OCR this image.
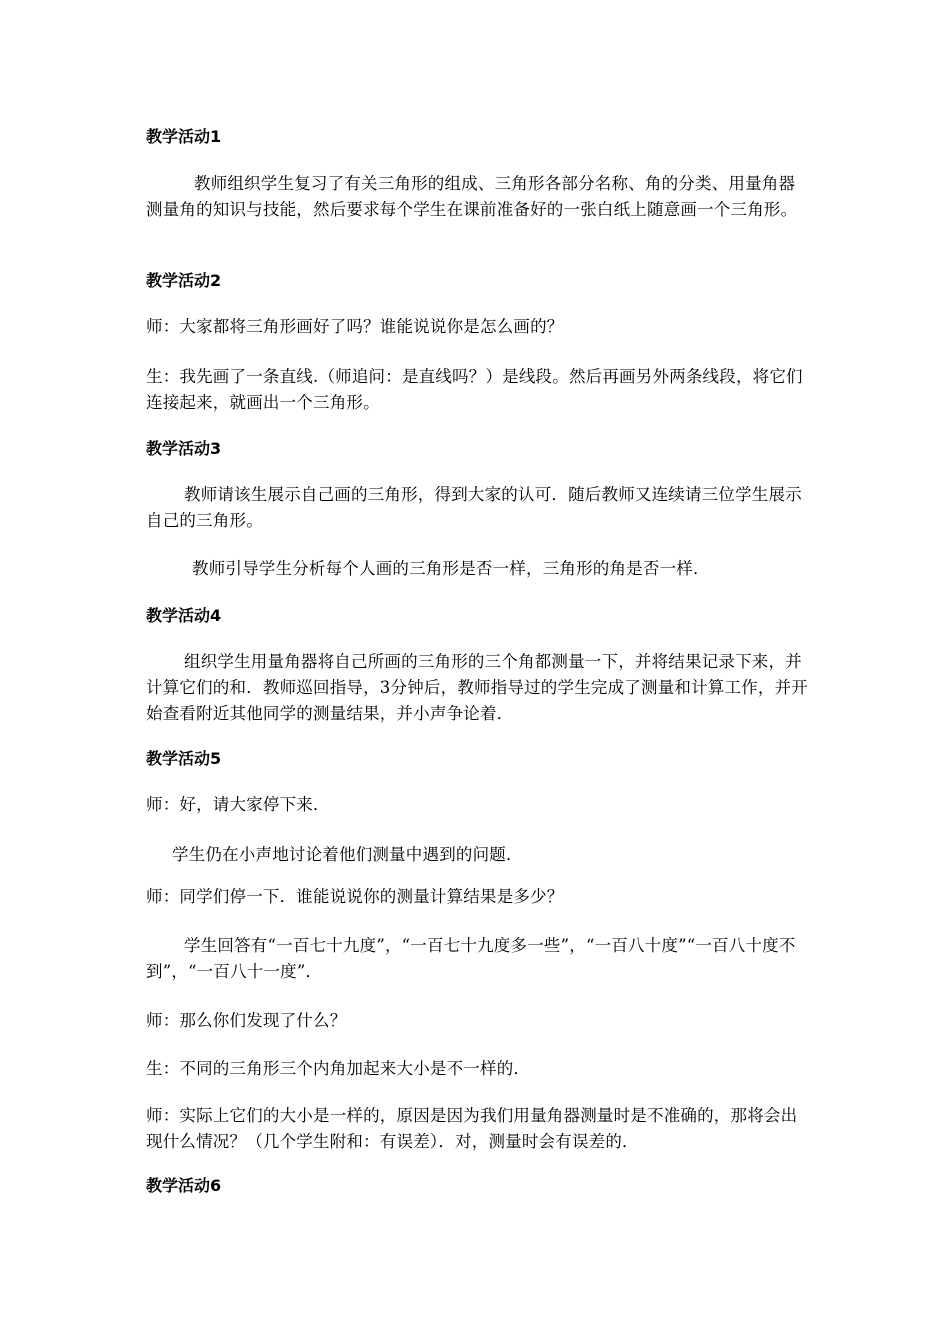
教学活动1

教师组织学生复习了有关三角形的组成、三角形各部分名称、角的分类、用量角器测量角的知识与技能，然后要求每个学生在课前准备好的一张白纸上随意画一个三角形。

教学活动2

师：大家都将三角形画好了吗？谁能说说你是怎么画的？

生：我先画了一条直线.（师追问：是直线吗？）是线段。然后再画另外两条线段，将它们连接起来，就画出一个三角形。

教学活动3

教师请该生展示自己画的三角形，得到大家的认可．随后教师又连续请三位学生展示自己的三角形。

教师引导学生分析每个人画的三角形是否一样，三角形的角是否一样．

教学活动4

组织学生用量角器将自己所画的三角形的三个角都测量一下，并将结果记录下来，并计算它们的和．教师巡回指导，3分钟后，教师指导过的学生完成了测量和计算工作，并开始查看附近其他同学的测量结果，并小声争论着．

教学活动5

师：好，请大家停下来．

学生仍在小声地讨论着他们测量中遇到的问题．

师：同学们停一下．谁能说说你的测量计算结果是多少？

学生回答有“一百七十九度”，“一百七十九度多一些”，“一百八十度”“一百八十度不到”，“一百八十一度”．

师：那么你们发现了什么？

生：不同的三角形三个内角加起来大小是不一样的．

师：实际上它们的大小是一样的，原因是因为我们用量角器测量时是不准确的，那将会出现什么情况？（几个学生附和：有误差）．对，测量时会有误差的．

教学活动6
